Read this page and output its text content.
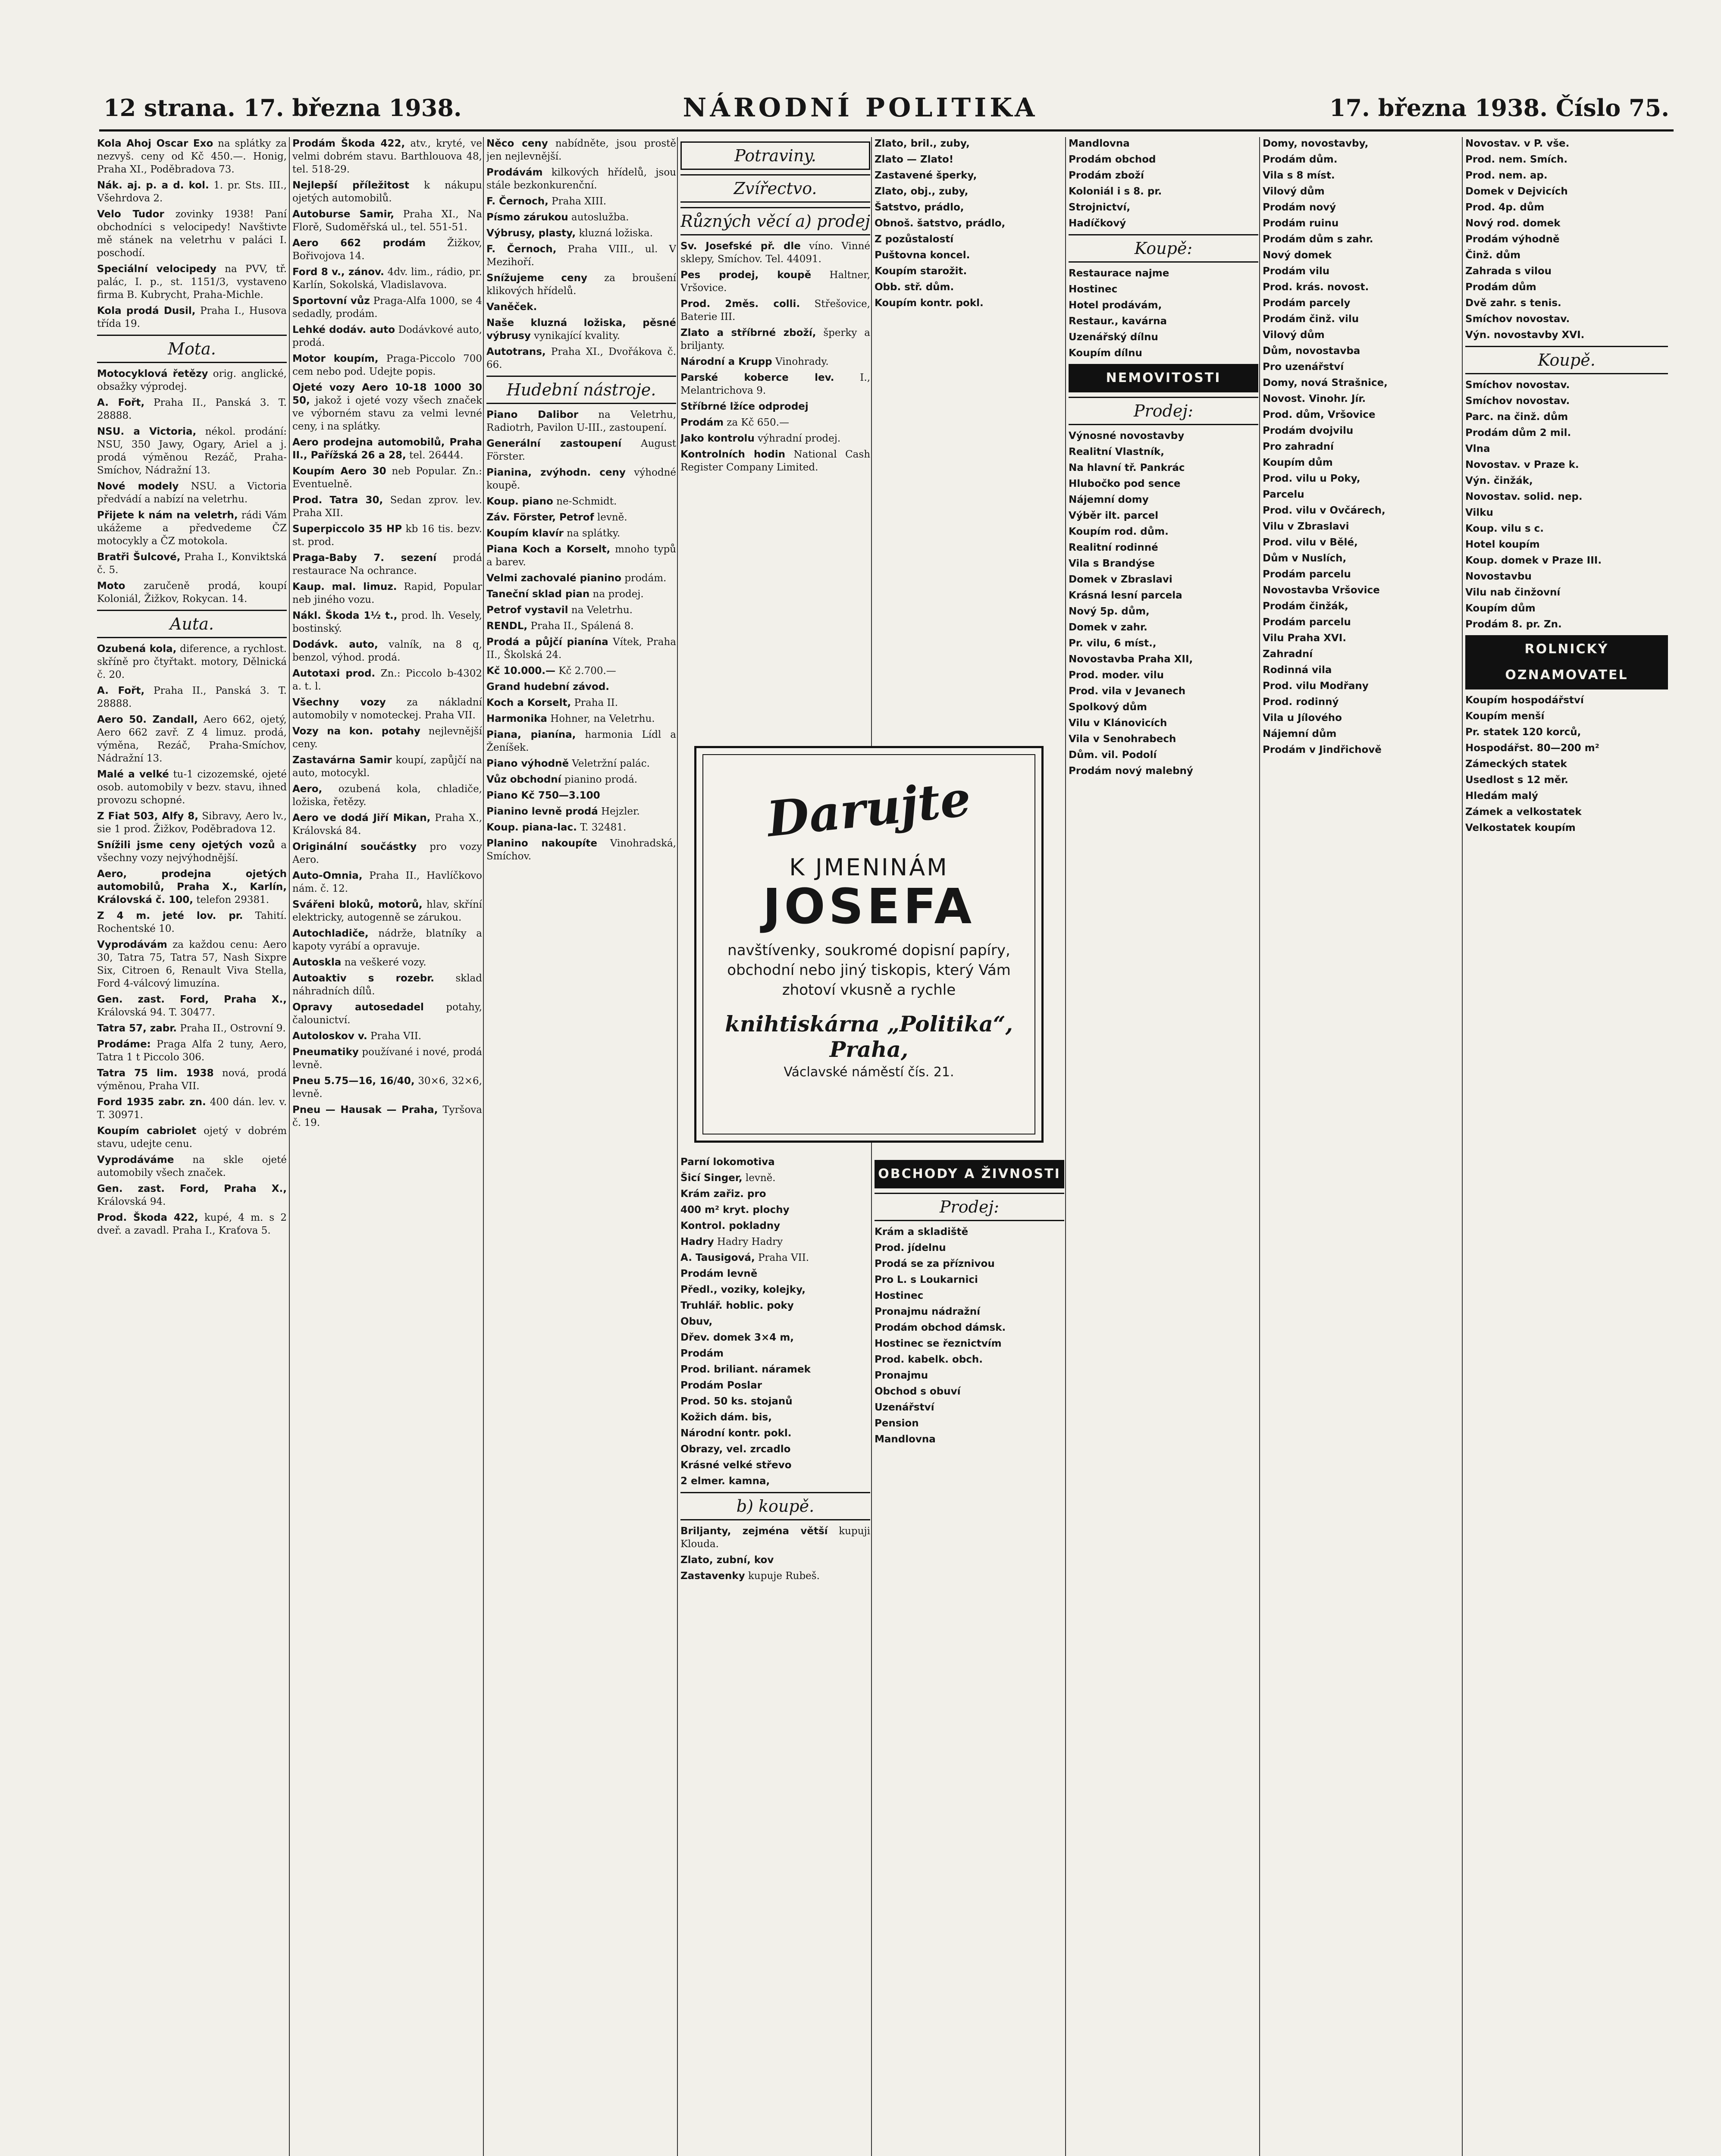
12 strana. 17. března 1938.	NÁRODNÍ POLITIKA	17. března 1938. Číslo 75.

Kola Ahoj Oscar Exo na splátky za nezvyš. ceny od Kč 450.—. Honig, Praha XI., Poděbradova 73.

Nák. aj. p. a d. kol. 1. pr. Sts. III., Všehrdova 2.

Velo Tudor zovinky 1938! Paní obchodníci s velocipedy! Navštivte mě stánek na veletrhu v paláci I. poschodí.

Speciální velocipedy na PVV, tř. palác, I. p., st. 1151/3, vystaveno firma B. Kubrycht, Praha-Michle.

Kola prodá Dusil, Praha I., Husova třída 19.

Mota.

Motocyklová řetězy orig. anglické, obsažky výprodej.

A. Fořt, Praha II., Panská 3. T. 28888.

NSU. a Victoria, nékol. prodání: NSU, 350 Jawy, Ogary, Ariel a j. prodá výměnou Rezáč, Praha-Smíchov, Nádražní 13.

Nové modely NSU. a Victoria předvádí a nabízí na veletrhu.

Přijete k nám na veletrh, rádi Vám ukážeme a předvedeme ČZ motocykly a ČZ motokola.

Bratři Šulcové, Praha I., Konviktská č. 5.

Moto zaručeně prodá, koupí Koloniál, Žižkov, Rokycan. 14.

Auta.

Ozubená kola, diference, a rychlost. skříně pro čtyřtakt. motory, Dělnická č. 20.

A. Fořt, Praha II., Panská 3. T. 28888.

Aero 50. Zandall, Aero 662, ojetý, Aero 662 zavř. Z 4 limuz. prodá, výměna, Rezáč, Praha-Smíchov, Nádražní 13.

Malé a velké tu-1 cizozemské, ojeté osob. automobily v bezv. stavu, ihned provozu schopné.

Z Fiat 503, Alfy 8, Sibravy, Aero lv., sie 1 prod. Žižkov, Poděbradova 12.

Snížili jsme ceny ojetých vozů a všechny vozy nejvýhodnější.

Aero, prodejna ojetých automobilů, Praha X., Karlín, Královská č. 100, telefon 29381.

Z 4 m. jeté lov. pr. Tahití. Rochentské 10.

Vyprodávám za každou cenu: Aero 30, Tatra 75, Tatra 57, Nash Sixpre Six, Citroen 6, Renault Viva Stella, Ford 4-válcový limuzína.

Gen. zast. Ford, Praha X., Královská 94. T. 30477.

Tatra 57, zabr. Praha II., Ostrovní 9.

Prodáme: Praga Alfa 2 tuny, Aero, Tatra 1 t Piccolo 306.

Tatra 75 lim. 1938 nová, prodá výměnou, Praha VII.

Ford 1935 zabr. zn. 400 dán. lev. v. T. 30971.

Koupím cabriolet ojetý v dobrém stavu, udejte cenu.

Vyprodáváme na skle ojeté automobily všech značek.

Gen. zast. Ford, Praha X., Královská 94.

Prod. Škoda 422, kupé, 4 m. s 2 dveř. a zavadl. Praha I., Kraťova 5.

Prodám Škoda 422, atv., kryté, ve velmi dobrém stavu. Barthlouova 48, tel. 518-29.

Nejlepší příležitost k nákupu ojetých automobilů.

Autoburse Samir, Praha XI., Na Florě, Sudoměřská ul., tel. 551-51.

Aero 662 prodám Žižkov, Bořivojova 14.

Ford 8 v., zánov. 4dv. lim., rádio, pr. Karlín, Sokolská, Vladislavova.

Sportovní vůz Praga-Alfa 1000, se 4 sedadly, prodám.

Lehké dodáv. auto Dodávkové auto, prodá.

Motor koupím, Praga-Piccolo 700 cem nebo pod. Udejte popis.

Ojeté vozy Aero 10-18 1000 30 50, jakož i ojeté vozy všech značek ve výborném stavu za velmi levné ceny, i na splátky.

Aero prodejna automobilů, Praha II., Pařížská 26 a 28, tel. 26444.

Koupím Aero 30 neb Popular. Zn.: Eventuelně.

Prod. Tatra 30, Sedan zprov. lev. Praha XII.

Superpiccolo 35 HP kb 16 tis. bezv. st. prod.

Praga-Baby 7. sezení prodá restaurace Na ochrance.

Kaup. mal. limuz. Rapid, Popular neb jiného vozu.

Nákl. Škoda 1½ t., prod. lh. Vesely, bostinský.

Dodávk. auto, valník, na 8 q, benzol, výhod. prodá.

Autotaxi prod. Zn.: Piccolo b-4302 a. t. l.

Všechny vozy za nákladní automobily v nomoteckej. Praha VII.

Vozy na kon. potahy nejlevnější ceny.

Zastavárna Samir koupí, zapůjčí na auto, motocykl.

Aero, ozubená kola, chladiče, ložiska, řetězy.

Aero ve dodá Jiří Mikan, Praha X., Královská 84.

Originální součástky pro vozy Aero.

Auto-Omnia, Praha II., Havlíčkovo nám. č. 12.

Svářeni bloků, motorů, hlav, skříní elektricky, autogenně se zárukou.

Autochladiče, nádrže, blatníky a kapoty vyrábí a opravuje.

Autoskla na veškeré vozy.

Autoaktiv s rozebr. sklad náhradních dílů.

Opravy autosedadel potahy, čalounictví.

Autoloskov v. Praha VII.

Pneumatiky používané i nové, prodá levně.

Pneu 5.75—16, 16/40, 30×6, 32×6, levně.

Pneu — Hausak — Praha, Tyršova č. 19.

Něco ceny nabídněte, jsou prostě jen nejlevnější.

Prodávám kilkových hřídelů, jsou stále bezkonkurenční.

F. Černoch, Praha XIII.

Písmo zárukou autoslužba.

Výbrusy, plasty, kluzná ložiska.

F. Černoch, Praha VIII., ul. V Mezihoří.

Snížujeme ceny za broušení klikových hřídelů.

Vaněček.

Naše kluzná ložiska, pěsné výbrusy vynikající kvality.

Autotrans, Praha XI., Dvořákova č. 66.

Hudební nástroje.

Piano Dalibor na Veletrhu, Radiotrh, Pavilon U-III., zastoupení.

Generální zastoupení August Förster.

Pianina, zvýhodn. ceny výhodné koupě.

Koup. piano ne-Schmidt.

Záv. Förster, Petrof levně.

Koupím klavír na splátky.

Piana Koch a Korselt, mnoho typů a barev.

Velmi zachovalé pianino prodám.

Taneční sklad pian na prodej.

Petrof vystavil na Veletrhu.

RENDL, Praha II., Spálená 8.

Prodá a půjčí pianína Vítek, Praha II., Školská 24.

Kč 10.000.— Kč 2.700.—

Grand hudební závod.

Koch a Korselt, Praha II.

Harmonika Hohner, na Veletrhu.

Piana, pianína, harmonia Lídl a Ženíšek.

Piano výhodně Veletržní palác.

Vůz obchodní pianino prodá.

Piano Kč 750—3.100

Pianino levně prodá Hejzler.

Koup. piana-lac. T. 32481.

Planino nakoupíte Vinohradská, Smíchov.

Potraviny.
Zvířectvo.
Různých věcí a) prodej

Sv. Josefské př. dle víno. Vinné sklepy, Smíchov. Tel. 44091.

Pes prodej, koupě Haltner, Vršovice.

Prod. 2měs. colli. Střešovice, Baterie III.

Zlato a stříbrné zboží, šperky a briljanty.

Národní a Krupp Vinohrady.

Parské koberce lev.	I., Melantrichova 9.

Stříbrné lžíce odprodej

Prodám za Kč 650.—

Jako kontrolu výhradní prodej.

Kontrolních hodin National Cash Register Company Limited.

Parní lokomotiva

Šicí Singer, levně.

Krám zařiz. pro

400 m² kryt. plochy

Kontrol. pokladny

Hadry Hadry Hadry

A. Tausigová, Praha VII.

Prodám levně

Předl., voziky, kolejky,

Truhlář. hoblic. poky

Obuv,

Dřev. domek 3×4 m,

Prodám

Prod. briliant. náramek

Prodám Poslar

Prod. 50 ks. stojanů

Kožich dám. bis,

Národní kontr. pokl.

Obrazy, vel. zrcadlo

Krásné velké střevo

2 elmer. kamna,

b) koupě.

Briljanty, zejména větší kupuji Klouda.

Zlato, zubní, kov

Zastavenky kupuje Rubeš.

Zlato, bril., zuby,

Zlato — Zlato!

Zastavené šperky,

Zlato, obj., zuby,

Šatstvo, prádlo,

Obnoš. šatstvo, prádlo,

Z pozůstalostí

Puštovna koncel.

Koupím starožit.

Obb. stř. dům.

Koupím kontr. pokl.

OBCHODY A ŽIVNOSTI
Prodej:

Krám a skladiště

Prod. jídelnu

Prodá se za příznivou

Pro L. s Loukarnici

Hostinec

Pronajmu nádražní

Prodám obchod dámsk.

Hostinec se řeznictvím

Prod. kabelk. obch.

Pronajmu

Obchod s obuví

Uzenářství

Pension

Mandlovna

Mandlovna

Prodám obchod

Prodám zboží

Koloniál i s 8. pr.

Strojnictví,

Hadíčkový

Koupě:

Restaurace najme

Hostinec

Hotel prodávám,

Restaur., kavárna

Uzenářský dílnu

Koupím dílnu

NEMOVITOSTI
Prodej:

Výnosné novostavby

Realitní Vlastník,

Na hlavní tř. Pankrác

Hlubočko pod sence

Nájemní domy

Výběr ilt. parcel

Koupím rod. dům.

Realitní rodinné

Vila s Brandýse

Domek v Zbraslavi

Krásná lesní parcela

Nový 5p. dům,

Domek v zahr.

Pr. vilu, 6 míst.,

Novostavba Praha XII,

Prod. moder. vilu

Prod. vila v Jevanech

Spolkový dům

Vilu v Klánovicích

Vila v Senohrabech

Dům. vil. Podolí

Prodám nový malebný

Domy, novostavby,

Prodám dům.

Vila s 8 míst.

Vilový dům

Prodám nový

Prodám ruinu

Prodám dům s zahr.

Nový domek

Prodám vilu

Prod. krás. novost.

Prodám parcely

Prodám činž. vilu

Vilový dům

Dům, novostavba

Pro uzenářství

Domy, nová Strašnice,

Novost. Vinohr. Jír.

Prod. dům, Vršovice

Prodám dvojvilu

Pro zahradní

Koupím dům

Prod. vilu u Poky,

Parcelu

Prod. vilu v Ovčárech,

Vilu v Zbraslavi

Prod. vilu v Bělé,

Dům v Nuslích,

Prodám parcelu

Novostavba Vršovice

Prodám činžák,

Prodám parcelu

Vilu Praha XVI.

Zahradní

Rodinná vila

Prod. vilu Modřany

Prod. rodinný

Vila u Jílového

Nájemní dům

Prodám v Jindřichově

Novostav. v P. vše.

Prod. nem. Smích.

Prod. nem. ap.

Domek v Dejvicích

Prod. 4p. dům

Nový rod. domek

Prodám výhodně

Činž. dům

Zahrada s vilou

Prodám dům

Dvě zahr. s tenis.

Smíchov novostav.

Výn. novostavby XVI.

Koupě.

Smíchov novostav.

Smíchov novostav.

Parc. na činž. dům

Prodám dům 2 mil.

Vlna

Novostav. v Praze k.

Výn. činžák,

Novostav. solid. nep.

Vilku

Koup. vilu s c.

Hotel koupím

Koup. domek v Praze III.

Novostavbu

Vilu nab činžovní

Koupím dům

Prodám 8. pr. Zn.

ROLNICKÝ OZNAMOVATEL

Koupím hospodářství

Koupím menší

Pr. statek 120 korců,

Hospodářst. 80—200 m²

Zámeckých statek

Usedlost s 12 měr.

Hledám malý

Zámek a velkostatek

Velkostatek koupím

Darujte
K JMENINÁM
JOSEFA
navštívenky, soukromé dopisní papíry, obchodní nebo jiný tiskopis, který Vám zhotoví vkusně a rychle
knihtiskárna „Politika“, Praha,
Václavské náměstí čís. 21.
